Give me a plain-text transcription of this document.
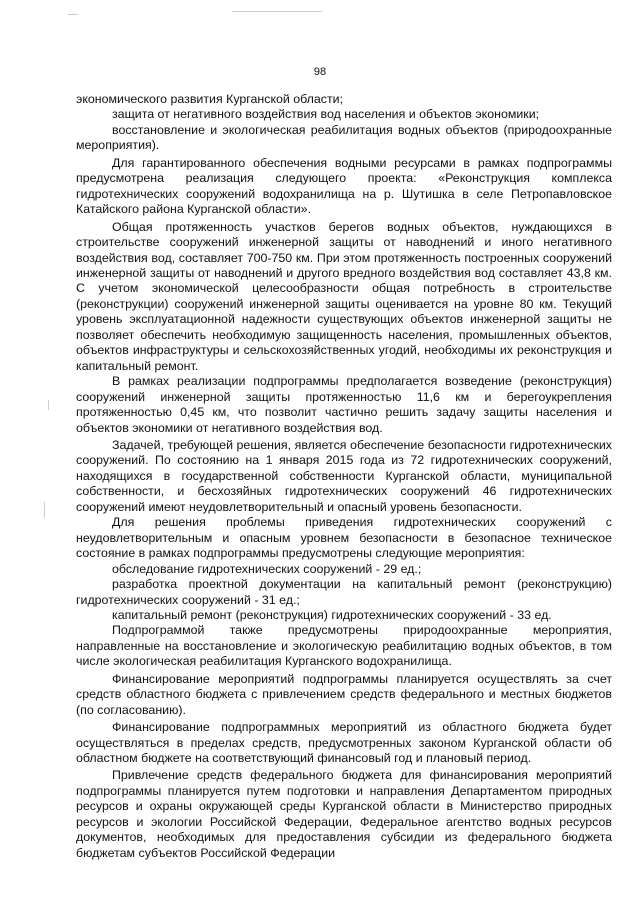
98

экономического развития Курганской области;

защита от негативного воздействия вод населения и объектов экономики;

восстановление и экологическая реабилитация водных объектов (природоохранные мероприятия).

Для гарантированного обеспечения водными ресурсами в рамках подпрограммы предусмотрена реализация следующего проекта: «Реконструкция комплекса гидротехнических сооружений водохранилища на р. Шутишка в селе Петропавловское Катайского района Курганской области».

Общая протяженность участков берегов водных объектов, нуждающихся в строительстве сооружений инженерной защиты от наводнений и иного негативного воздействия вод, составляет 700-750 км. При этом протяженность построенных сооружений инженерной защиты от наводнений и другого вредного воздействия вод составляет 43,8 км. С учетом экономической целесообразности общая потребность в строительстве (реконструкции) сооружений инженерной защиты оценивается на уровне 80 км. Текущий уровень эксплуатационной надежности существующих объектов инженерной защиты не позволяет обеспечить необходимую защищенность населения, промышленных объектов, объектов инфраструктуры и сельскохозяйственных угодий, необходимы их реконструкция и капитальный ремонт.

В рамках реализации подпрограммы предполагается возведение (реконструкция) сооружений инженерной защиты протяженностью 11,6 км и берегоукрепления протяженностью 0,45 км, что позволит частично решить задачу защиты населения и объектов экономики от негативного воздействия вод.

Задачей, требующей решения, является обеспечение безопасности гидротехнических сооружений. По состоянию на 1 января 2015 года из 72 гидротехнических сооружений, находящихся в государственной собственности Курганской области, муниципальной собственности, и бесхозяйных гидротехнических сооружений 46 гидротехнических сооружений имеют неудовлетворительный и опасный уровень безопасности.

Для решения проблемы приведения гидротехнических сооружений с неудовлетворительным и опасным уровнем безопасности в безопасное техническое состояние в рамках подпрограммы предусмотрены следующие мероприятия:

обследование гидротехнических сооружений - 29 ед.;

разработка проектной документации на капитальный ремонт (реконструкцию) гидротехнических сооружений - 31 ед.;

капитальный ремонт (реконструкция) гидротехнических сооружений - 33 ед.

Подпрограммой также предусмотрены природоохранные мероприятия, направленные на восстановление и экологическую реабилитацию водных объектов, в том числе экологическая реабилитация Курганского водохранилища.

Финансирование мероприятий подпрограммы планируется осуществлять за счет средств областного бюджета с привлечением средств федерального и местных бюджетов (по согласованию).

Финансирование подпрограммных мероприятий из областного бюджета будет осуществляться в пределах средств, предусмотренных законом Курганской области об областном бюджете на соответствующий финансовый год и плановый период.

Привлечение средств федерального бюджета для финансирования мероприятий подпрограммы планируется путем подготовки и направления Департаментом природных ресурсов и охраны окружающей среды Курганской области в Министерство природных ресурсов и экологии Российской Федерации, Федеральное агентство водных ресурсов документов, необходимых для предоставления субсидии из федерального бюджета бюджетам субъектов Российской Федерации
